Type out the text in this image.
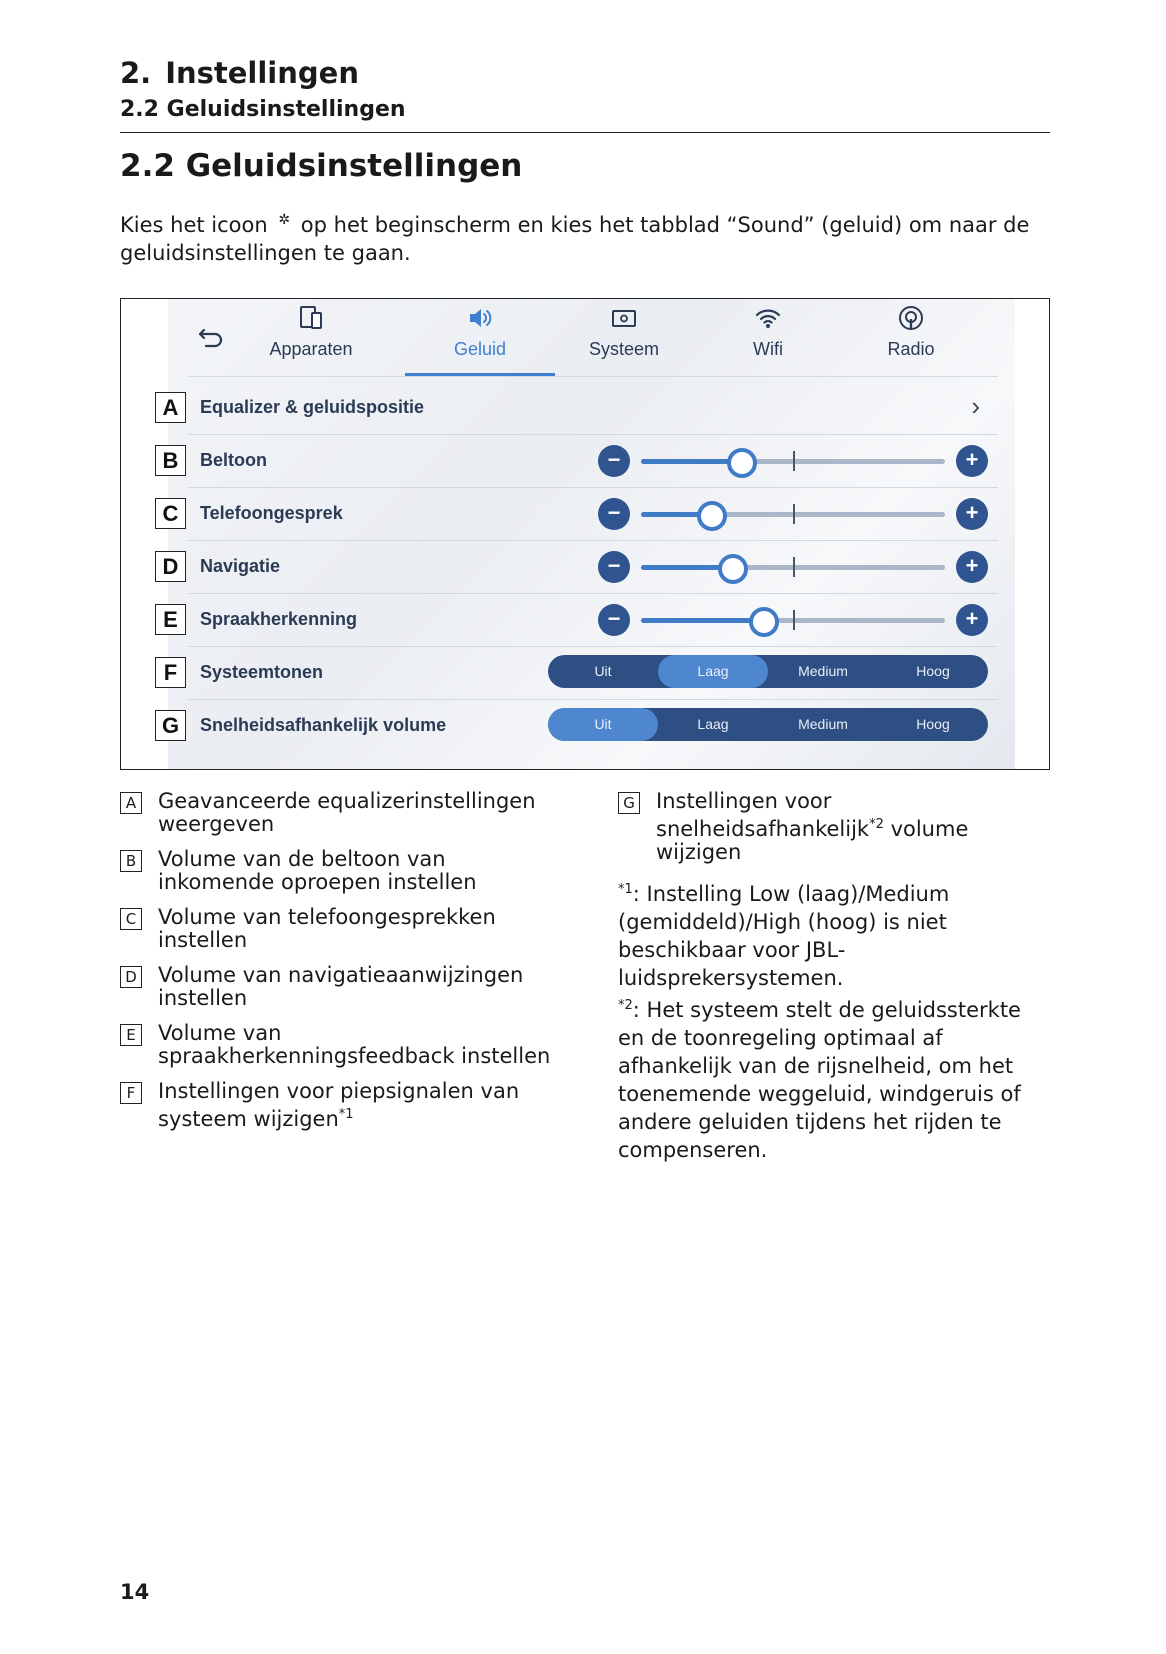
2. Instellingen
2.2 Geluidsinstellingen
2.2 Geluidsinstellingen
Kies het icoon ✲ op het beginscherm en kies het tabblad “Sound” (geluid) om naar de geluidsinstellingen te gaan.
Apparaten	Geluid	Systeem	Wifi	Radio
Equalizer & geluidspositie	›
Beltoon	−	+
Telefoongesprek	−	+
Navigatie	−	+
Spraakherkenning	−	+
Systeemtonen	Uit	Laag	Medium	Hoog
Snelheidsafhankelijk volume	Uit	Laag	Medium	Hoog
A
B
C
D
E
F
G
A Geavanceerde equalizerinstellingen weergeven
B Volume van de beltoon van inkomende oproepen instellen
C Volume van telefoongesprekken instellen
D Volume van navigatieaanwijzingen instellen
E Volume van spraakherkenningsfeedback instellen
F	Instellingen voor piepsignalen van systeem wijzigen$^{*1}$
G Instellingen voor snelheidsafhankelijk$^{*2}$ volume wijzigen
$^{*1}$: Instelling Low (laag)/Medium (gemiddeld)/High (hoog) is niet beschikbaar voor JBL-luidsprekersystemen.
$^{*2}$: Het systeem stelt de geluidssterkte en de toonregeling optimaal af afhankelijk van de rijsnelheid, om het toenemende weggeluid, windgeruis of andere geluiden tijdens het rijden te compenseren.
14
